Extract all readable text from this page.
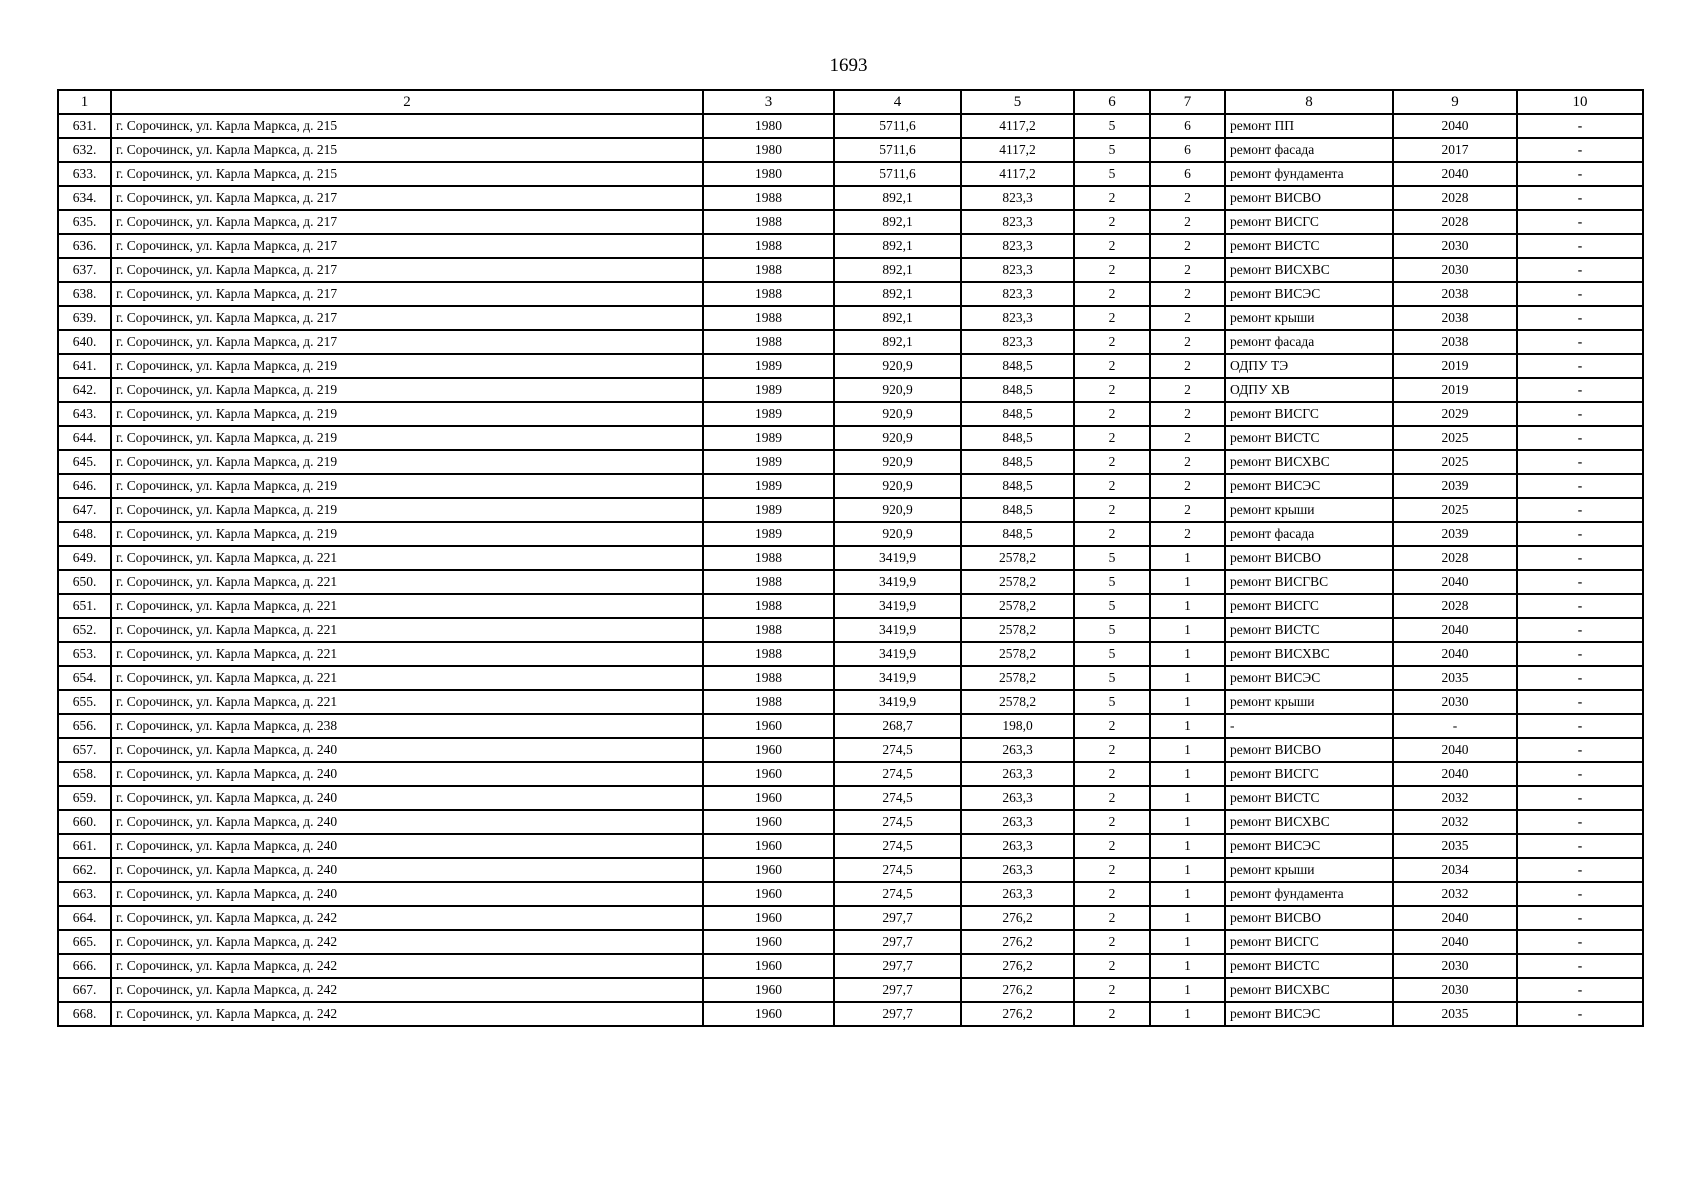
1693
1	2	3	4	5	6	7	8	9	10
631.	г. Сорочинск, ул. Карла Маркса, д. 215	1980	5711,6	4117,2	5	6	ремонт ПП	2040	-
632.	г. Сорочинск, ул. Карла Маркса, д. 215	1980	5711,6	4117,2	5	6	ремонт фасада	2017	-
633.	г. Сорочинск, ул. Карла Маркса, д. 215	1980	5711,6	4117,2	5	6	ремонт фундамента	2040	-
634.	г. Сорочинск, ул. Карла Маркса, д. 217	1988	892,1	823,3	2	2	ремонт ВИСВО	2028	-
635.	г. Сорочинск, ул. Карла Маркса, д. 217	1988	892,1	823,3	2	2	ремонт ВИСГС	2028	-
636.	г. Сорочинск, ул. Карла Маркса, д. 217	1988	892,1	823,3	2	2	ремонт ВИСТС	2030	-
637.	г. Сорочинск, ул. Карла Маркса, д. 217	1988	892,1	823,3	2	2	ремонт ВИСХВС	2030	-
638.	г. Сорочинск, ул. Карла Маркса, д. 217	1988	892,1	823,3	2	2	ремонт ВИСЭС	2038	-
639.	г. Сорочинск, ул. Карла Маркса, д. 217	1988	892,1	823,3	2	2	ремонт крыши	2038	-
640.	г. Сорочинск, ул. Карла Маркса, д. 217	1988	892,1	823,3	2	2	ремонт фасада	2038	-
641.	г. Сорочинск, ул. Карла Маркса, д. 219	1989	920,9	848,5	2	2	ОДПУ ТЭ	2019	-
642.	г. Сорочинск, ул. Карла Маркса, д. 219	1989	920,9	848,5	2	2	ОДПУ ХВ	2019	-
643.	г. Сорочинск, ул. Карла Маркса, д. 219	1989	920,9	848,5	2	2	ремонт ВИСГС	2029	-
644.	г. Сорочинск, ул. Карла Маркса, д. 219	1989	920,9	848,5	2	2	ремонт ВИСТС	2025	-
645.	г. Сорочинск, ул. Карла Маркса, д. 219	1989	920,9	848,5	2	2	ремонт ВИСХВС	2025	-
646.	г. Сорочинск, ул. Карла Маркса, д. 219	1989	920,9	848,5	2	2	ремонт ВИСЭС	2039	-
647.	г. Сорочинск, ул. Карла Маркса, д. 219	1989	920,9	848,5	2	2	ремонт крыши	2025	-
648.	г. Сорочинск, ул. Карла Маркса, д. 219	1989	920,9	848,5	2	2	ремонт фасада	2039	-
649.	г. Сорочинск, ул. Карла Маркса, д. 221	1988	3419,9	2578,2	5	1	ремонт ВИСВО	2028	-
650.	г. Сорочинск, ул. Карла Маркса, д. 221	1988	3419,9	2578,2	5	1	ремонт ВИСГВС	2040	-
651.	г. Сорочинск, ул. Карла Маркса, д. 221	1988	3419,9	2578,2	5	1	ремонт ВИСГС	2028	-
652.	г. Сорочинск, ул. Карла Маркса, д. 221	1988	3419,9	2578,2	5	1	ремонт ВИСТС	2040	-
653.	г. Сорочинск, ул. Карла Маркса, д. 221	1988	3419,9	2578,2	5	1	ремонт ВИСХВС	2040	-
654.	г. Сорочинск, ул. Карла Маркса, д. 221	1988	3419,9	2578,2	5	1	ремонт ВИСЭС	2035	-
655.	г. Сорочинск, ул. Карла Маркса, д. 221	1988	3419,9	2578,2	5	1	ремонт крыши	2030	-
656.	г. Сорочинск, ул. Карла Маркса, д. 238	1960	268,7	198,0	2	1	-	-	-
657.	г. Сорочинск, ул. Карла Маркса, д. 240	1960	274,5	263,3	2	1	ремонт ВИСВО	2040	-
658.	г. Сорочинск, ул. Карла Маркса, д. 240	1960	274,5	263,3	2	1	ремонт ВИСГС	2040	-
659.	г. Сорочинск, ул. Карла Маркса, д. 240	1960	274,5	263,3	2	1	ремонт ВИСТС	2032	-
660.	г. Сорочинск, ул. Карла Маркса, д. 240	1960	274,5	263,3	2	1	ремонт ВИСХВС	2032	-
661.	г. Сорочинск, ул. Карла Маркса, д. 240	1960	274,5	263,3	2	1	ремонт ВИСЭС	2035	-
662.	г. Сорочинск, ул. Карла Маркса, д. 240	1960	274,5	263,3	2	1	ремонт крыши	2034	-
663.	г. Сорочинск, ул. Карла Маркса, д. 240	1960	274,5	263,3	2	1	ремонт фундамента	2032	-
664.	г. Сорочинск, ул. Карла Маркса, д. 242	1960	297,7	276,2	2	1	ремонт ВИСВО	2040	-
665.	г. Сорочинск, ул. Карла Маркса, д. 242	1960	297,7	276,2	2	1	ремонт ВИСГС	2040	-
666.	г. Сорочинск, ул. Карла Маркса, д. 242	1960	297,7	276,2	2	1	ремонт ВИСТС	2030	-
667.	г. Сорочинск, ул. Карла Маркса, д. 242	1960	297,7	276,2	2	1	ремонт ВИСХВС	2030	-
668.	г. Сорочинск, ул. Карла Маркса, д. 242	1960	297,7	276,2	2	1	ремонт ВИСЭС	2035	-
